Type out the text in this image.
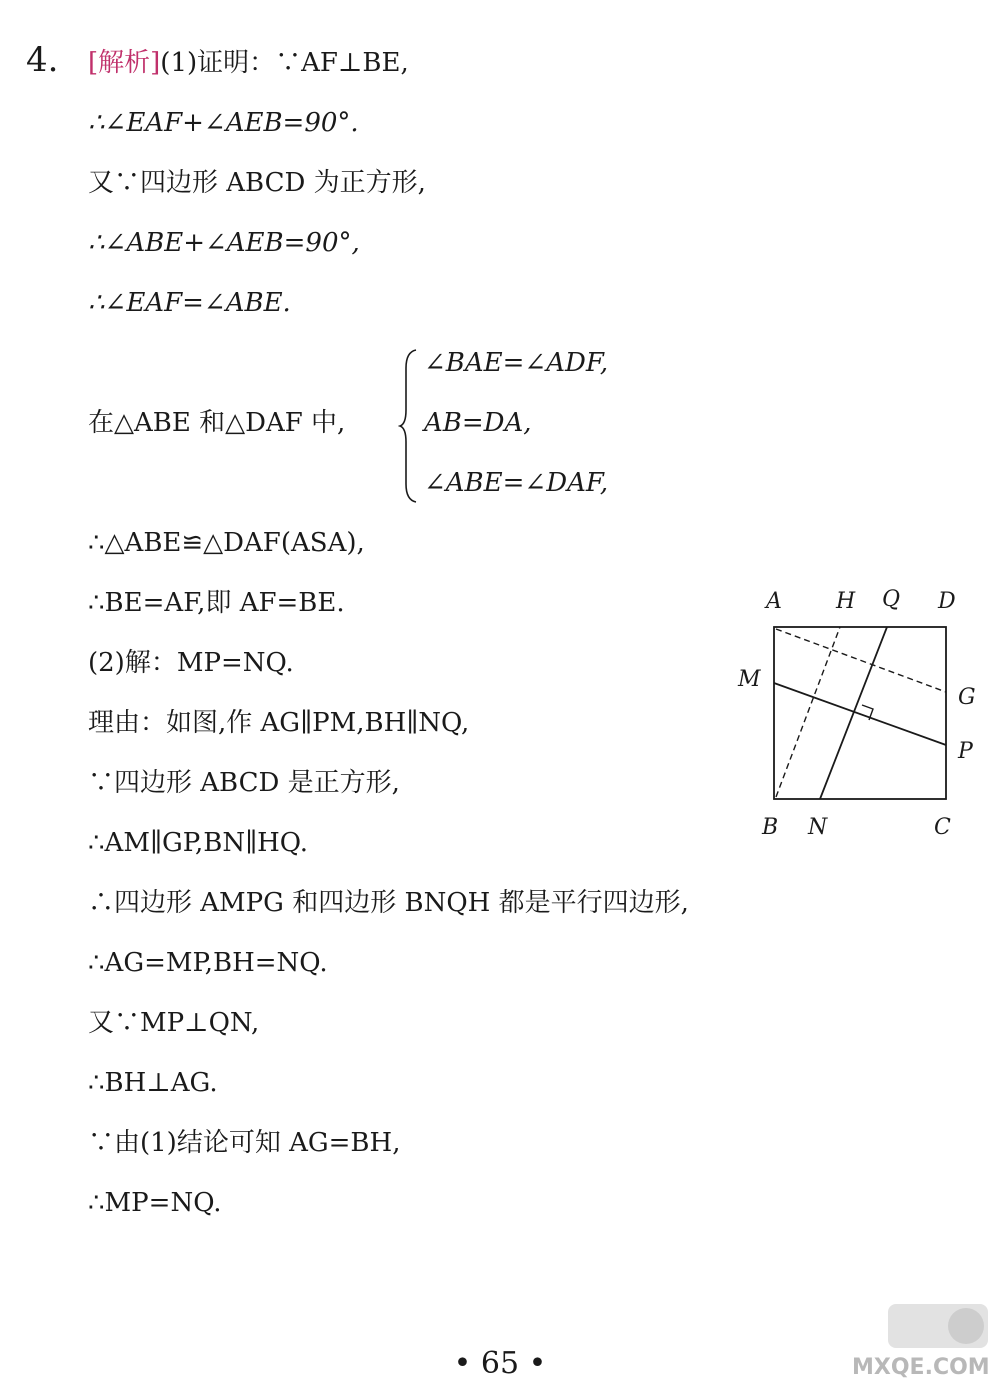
4. [解析](1)证明：∵AF⊥BE,
∴∠EAF+∠AEB=90°.
又∵四边形 ABCD 为正方形,
∴∠ABE+∠AEB=90°,
∴∠EAF=∠ABE.
在△ABE 和△DAF 中,
∠BAE=∠ADF,
AB=DA,
∠ABE=∠DAF,
∴△ABE≌△DAF(ASA),
∴BE=AF,即 AF=BE.
(2)解：MP=NQ.
理由：如图,作 AG∥PM,BH∥NQ,
∵四边形 ABCD 是正方形,
∴AM∥GP,BN∥HQ.
∴四边形 AMPG 和四边形 BNQH 都是平行四边形,
∴AG=MP,BH=NQ.
又∵MP⊥QN,
∴BH⊥AG.
∵由(1)结论可知 AG=BH,
∴MP=NQ.
A H Q D
M
G
P
B N	C
• 65 •	MXQE.COM
